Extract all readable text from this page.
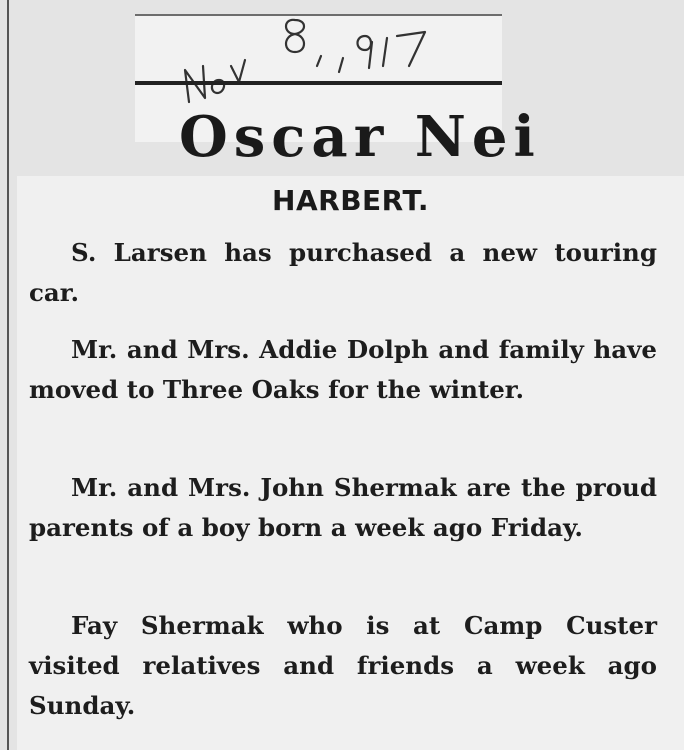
Oscar Nei
HARBERT.

S. Larsen has purchased a new touring car.

Mr. and Mrs. Addie Dolph and family have moved to Three Oaks for the winter.

Mr. and Mrs. John Shermak are the proud parents of a boy born a week ago Friday.

Fay Shermak who is at Camp Custer visited relatives and friends a week ago Sunday.
